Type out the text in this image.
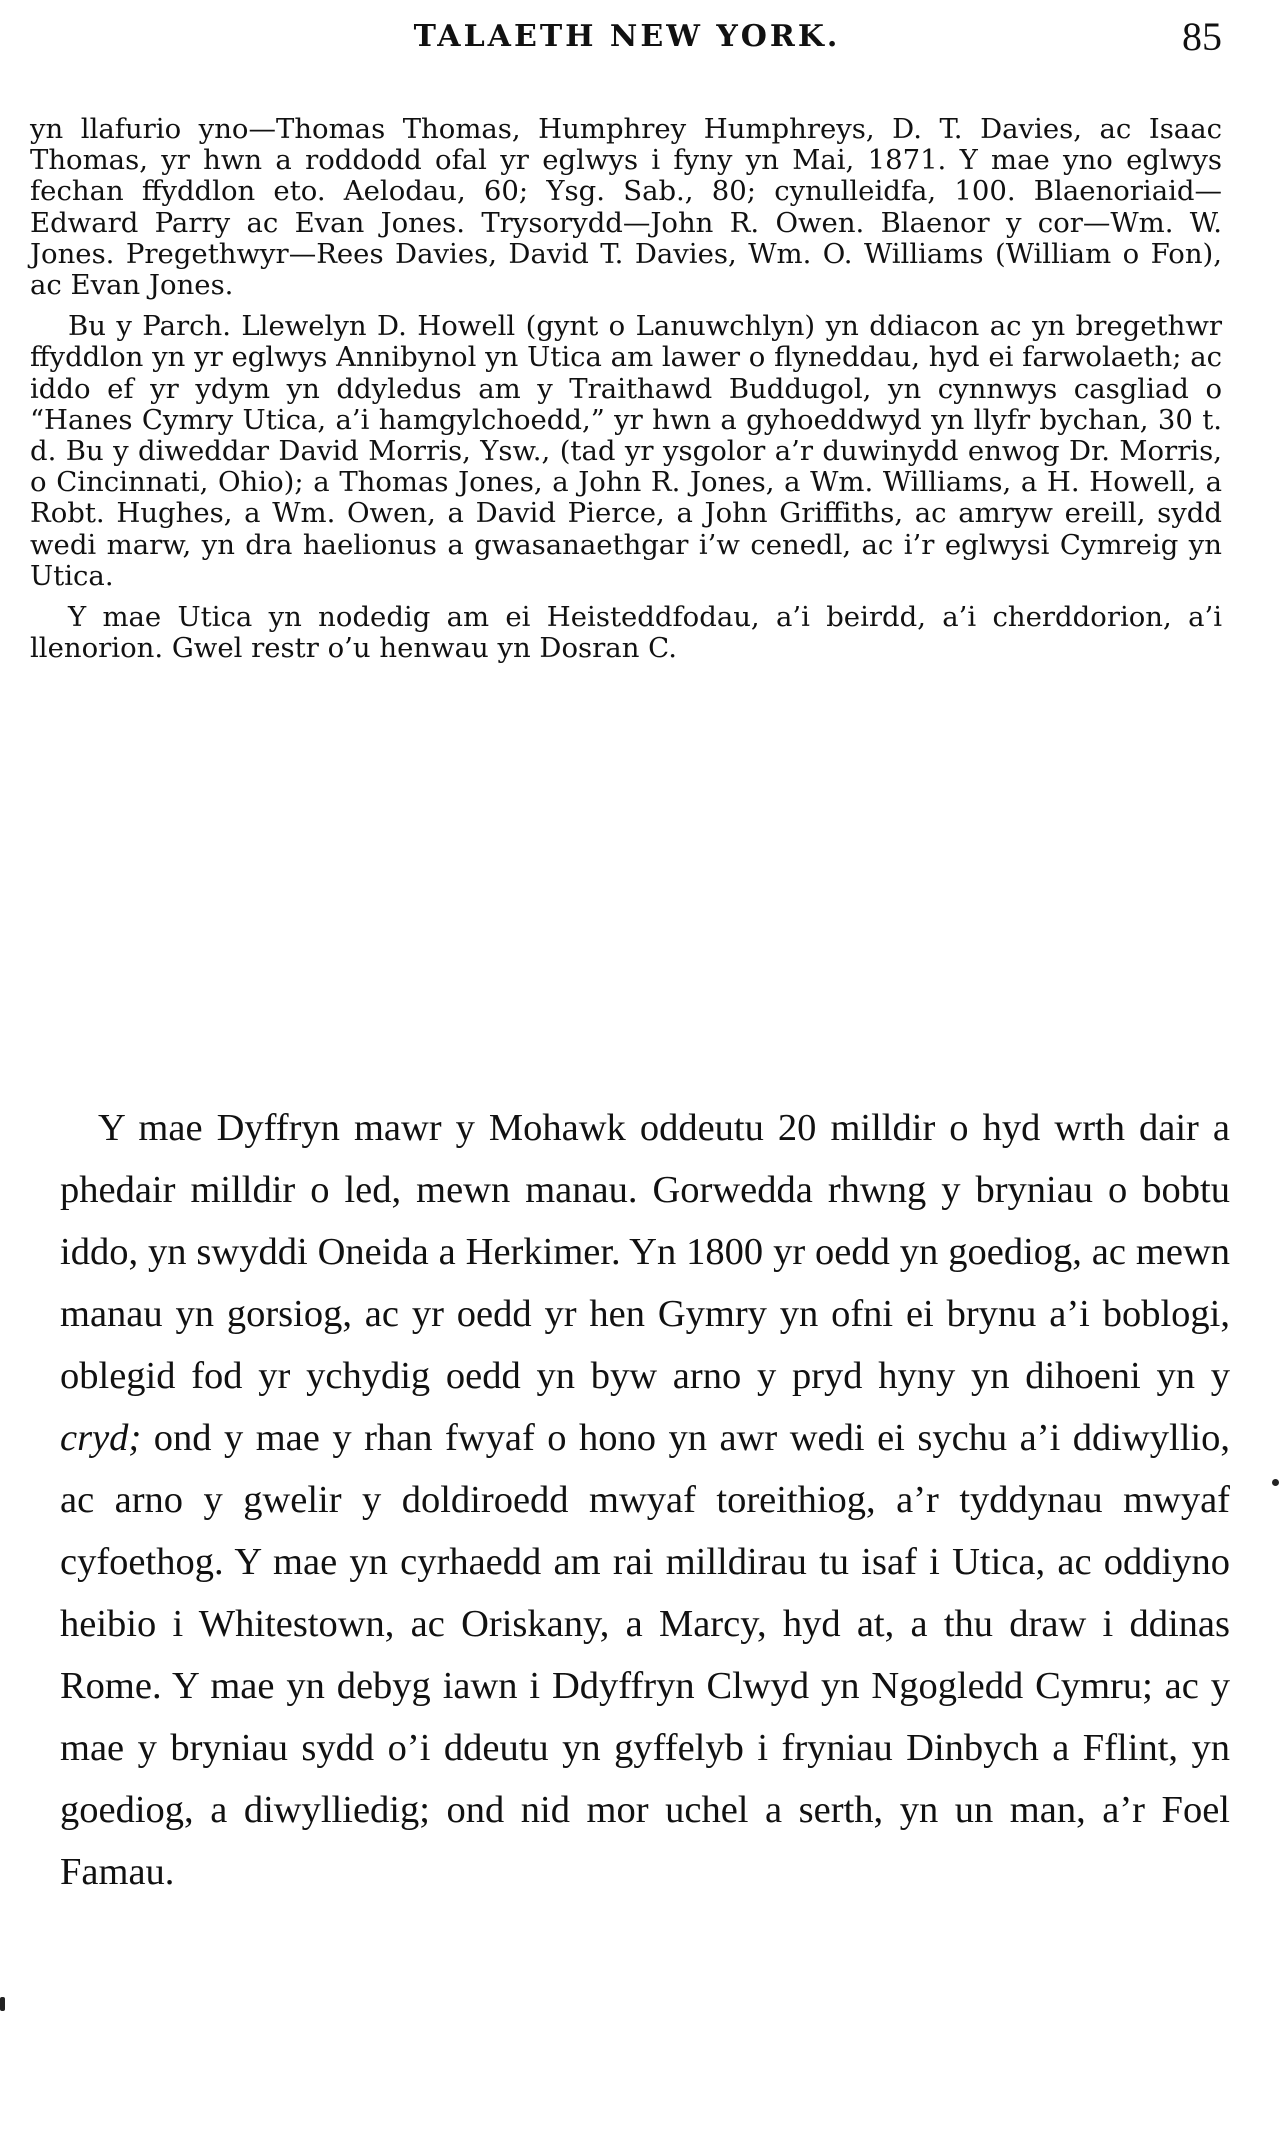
TALAETH NEW YORK.	85

yn llafurio yno—Thomas Thomas, Humphrey Humphreys, D. T. Davies, ac Isaac Thomas, yr hwn a roddodd ofal yr eglwys i fyny yn Mai, 1871. Y mae yno eglwys fechan ffyddlon eto. Aelodau, 60; Ysg. Sab., 80; cynulleidfa, 100. Blaenoriaid—Edward Parry ac Evan Jones. Trysorydd—John R. Owen. Blaenor y cor—Wm. W. Jones. Pregethwyr—Rees Davies, David T. Davies, Wm. O. Williams (William o Fon), ac Evan Jones.

Bu y Parch. Llewelyn D. Howell (gynt o Lanuwchlyn) yn ddiacon ac yn bregethwr ffyddlon yn yr eglwys Annibynol yn Utica am lawer o flyneddau, hyd ei farwolaeth; ac iddo ef yr ydym yn ddyledus am y Traithawd Buddugol, yn cynnwys casgliad o “Hanes Cymry Utica, a’i hamgylchoedd,” yr hwn a gyhoeddwyd yn llyfr bychan, 30 t. d. Bu y diweddar David Morris, Ysw., (tad yr ysgolor a’r duwinydd enwog Dr. Morris, o Cincinnati, Ohio); a Thomas Jones, a John R. Jones, a Wm. Williams, a H. Howell, a Robt. Hughes, a Wm. Owen, a David Pierce, a John Griffiths, ac amryw ereill, sydd wedi marw, yn dra haelionus a gwasanaethgar i’w cenedl, ac i’r eglwysi Cymreig yn Utica.

Y mae Utica yn nodedig am ei Heisteddfodau, a’i beirdd, a’i cherddorion, a’i llenorion. Gwel restr o’u henwau yn Dosran C.

Y mae Dyffryn mawr y Mohawk oddeutu 20 milldir o hyd wrth dair a phedair milldir o led, mewn manau. Gorwedda rhwng y bryniau o bobtu iddo, yn swyddi Oneida a Herkimer. Yn 1800 yr oedd yn goediog, ac mewn manau yn gorsiog, ac yr oedd yr hen Gymry yn ofni ei brynu a’i boblogi, oblegid fod yr ychydig oedd yn byw arno y pryd hyny yn dihoeni yn y cryd; ond y mae y rhan fwyaf o hono yn awr wedi ei sychu a’i ddiwyllio, ac arno y gwelir y doldiroedd mwyaf toreithiog, a’r tyddynau mwyaf cyfoethog. Y mae yn cyrhaedd am rai milldirau tu isaf i Utica, ac oddiyno heibio i Whitestown, ac Oriskany, a Marcy, hyd at, a thu draw i ddinas Rome. Y mae yn debyg iawn i Ddyffryn Clwyd yn Ngogledd Cymru; ac y mae y bryniau sydd o’i ddeutu yn gyffelyb i fryniau Dinbych a Fflint, yn goediog, a diwylliedig; ond nid mor uchel a serth, yn un man, a’r Foel Famau.
